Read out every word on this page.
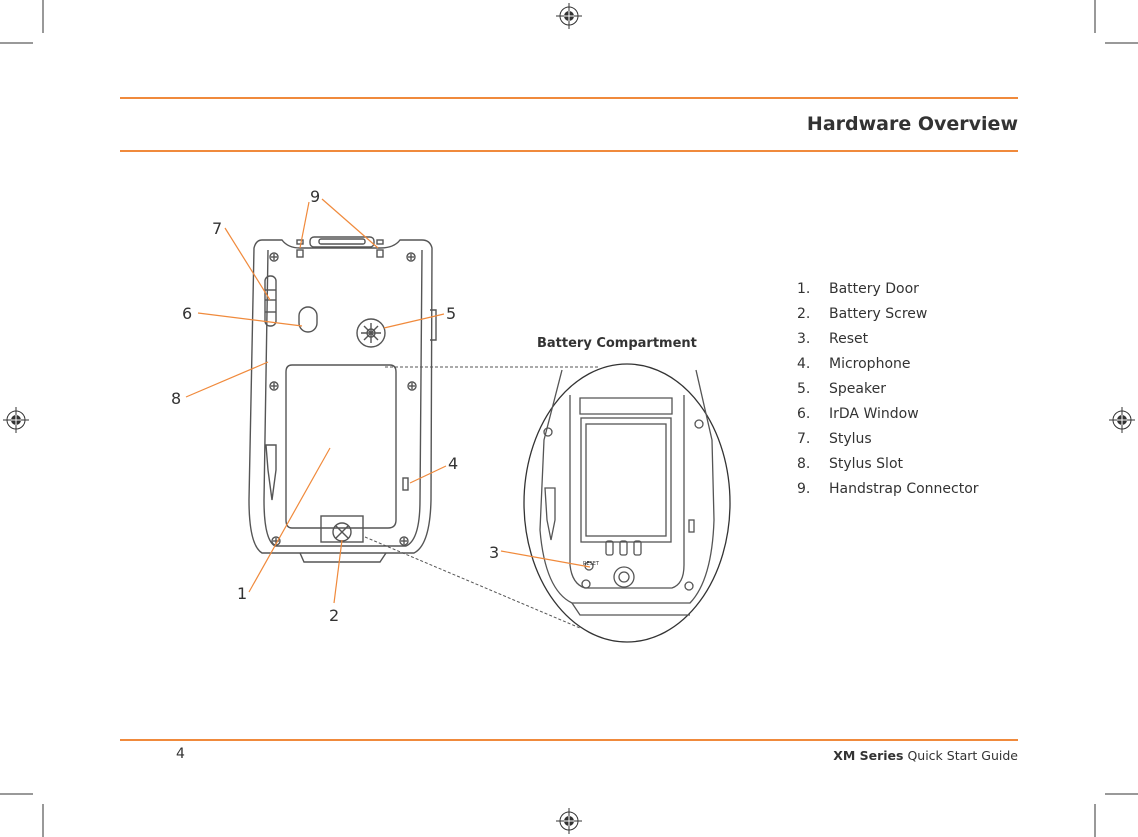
Hardware Overview
RESET
1
2
3
4
5
6
7
8
9
Battery Compartment
1. Battery Door
2. Battery Screw
3. Reset
4. Microphone
5. Speaker
6. IrDA Window
7. Stylus
8. Stylus Slot
9. Handstrap Connector
4	XM Series Quick Start Guide
